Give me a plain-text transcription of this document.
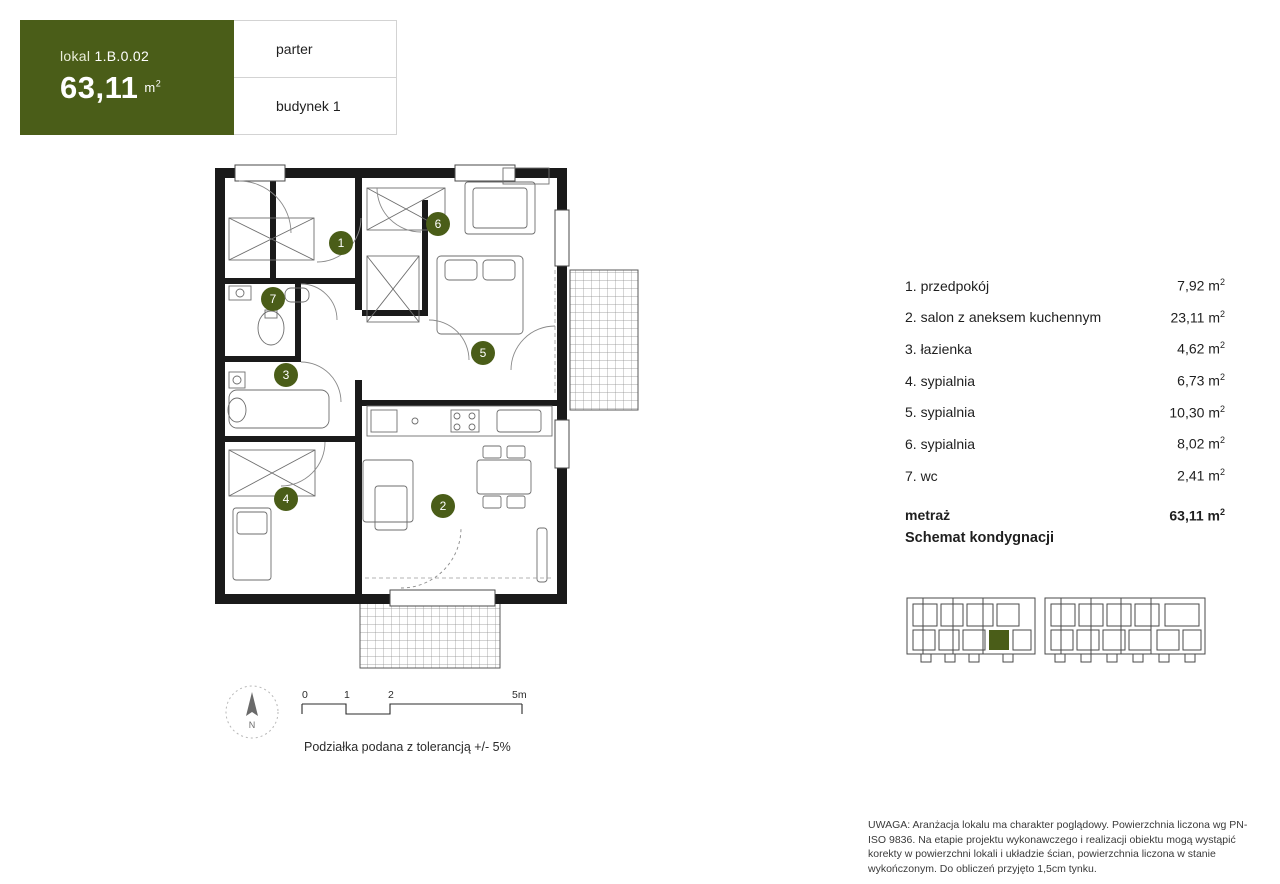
lokal 1.B.0.02
63,11 $m^2$
parter
budynek 1
1
6
7
3
5
4	2
N
0	1	2	5m
Podziałka podana z tolerancją +/- 5%
1. przedpokój	7,92 $m^2$
2. salon z aneksem kuchennym	23,11 $m^2$
3. łazienka	4,62 $m^2$
4. sypialnia	6,73 $m^2$
5. sypialnia	10,30 $m^2$
6. sypialnia	8,02 $m^2$
7. wc	2,41 $m^2$
metraż	63,11 $m^2$
Schemat kondygnacji
UWAGA: Aranżacja lokalu ma charakter poglądowy. Powierzchnia liczona wg PN-ISO 9836. Na etapie projektu wykonawczego i realizacji obiektu mogą wystąpić korekty w powierzchni lokali i układzie ścian, powierzchnia liczona w stanie wykończonym. Do obliczeń przyjęto 1,5cm tynku.
